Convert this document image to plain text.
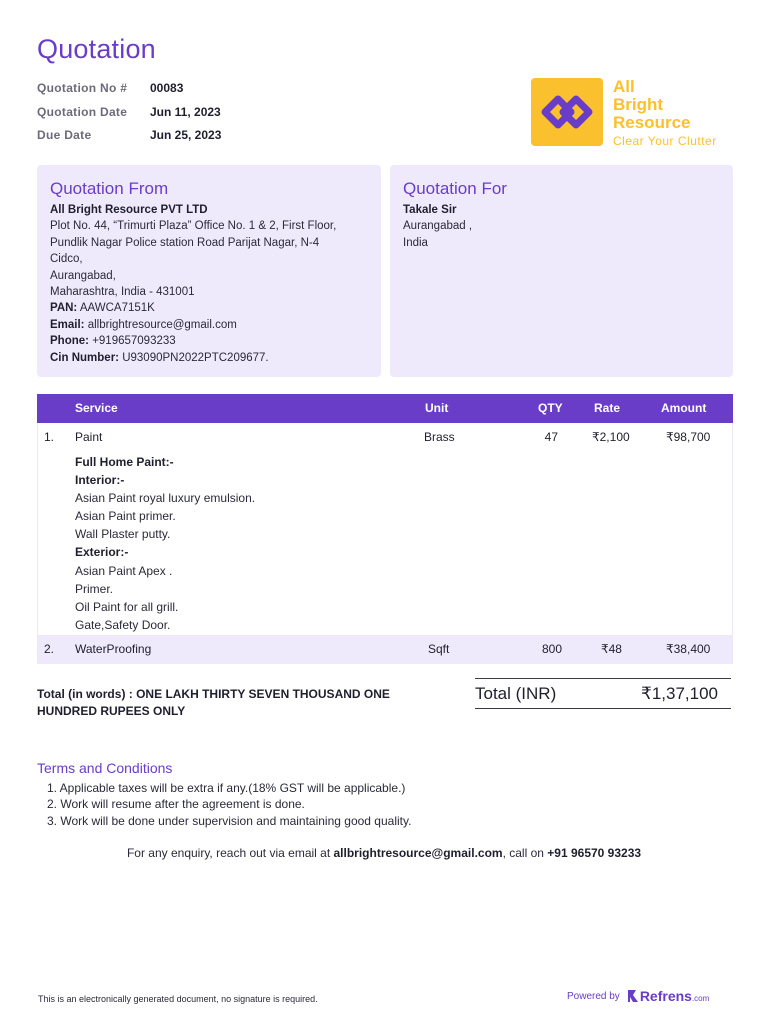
Quotation
Quotation No #	00083
Quotation Date	Jun 11, 2023
Due Date	Jun 25, 2023
All
Bright
Resource
Clear Your Clutter
Quotation From
All Bright Resource PVT LTD
Plot No. 44, “Trimurti Plaza” Office No. 1 & 2, First Floor,
Pundlik Nagar Police station Road Parijat Nagar, N-4
Cidco,
Aurangabad,
Maharashtra, India - 431001
PAN: AAWCA7151K
Email: allbrightresource@gmail.com
Phone: +919657093233
Cin Number: U93090PN2022PTC209677.
Quotation For
Takale Sir
Aurangabad ,
India
Service	Unit	QTY	Rate	Amount
1. Paint	Brass	47	₹2,100	₹98,700
Full Home Paint:-
Interior:-
Asian Paint royal luxury emulsion.
Asian Paint primer.
Wall Plaster putty.
Exterior:-
Asian Paint Apex .
Primer.
Oil Paint for all grill.
Gate,Safety Door.
2. WaterProofing	Sqft	800	₹48	₹38,400
Total (in words) : ONE LAKH THIRTY SEVEN THOUSAND ONE HUNDRED RUPEES ONLY
Total (INR)	₹1,37,100
Terms and Conditions
1. Applicable taxes will be extra if any.(18% GST will be applicable.)
2. Work will resume after the agreement is done.
3. Work will be done under supervision and maintaining good quality.
For any enquiry, reach out via email at allbrightresource@gmail.com, call on +91 96570 93233
This is an electronically generated document, no signature is required.	Powered by	Refrens.com
